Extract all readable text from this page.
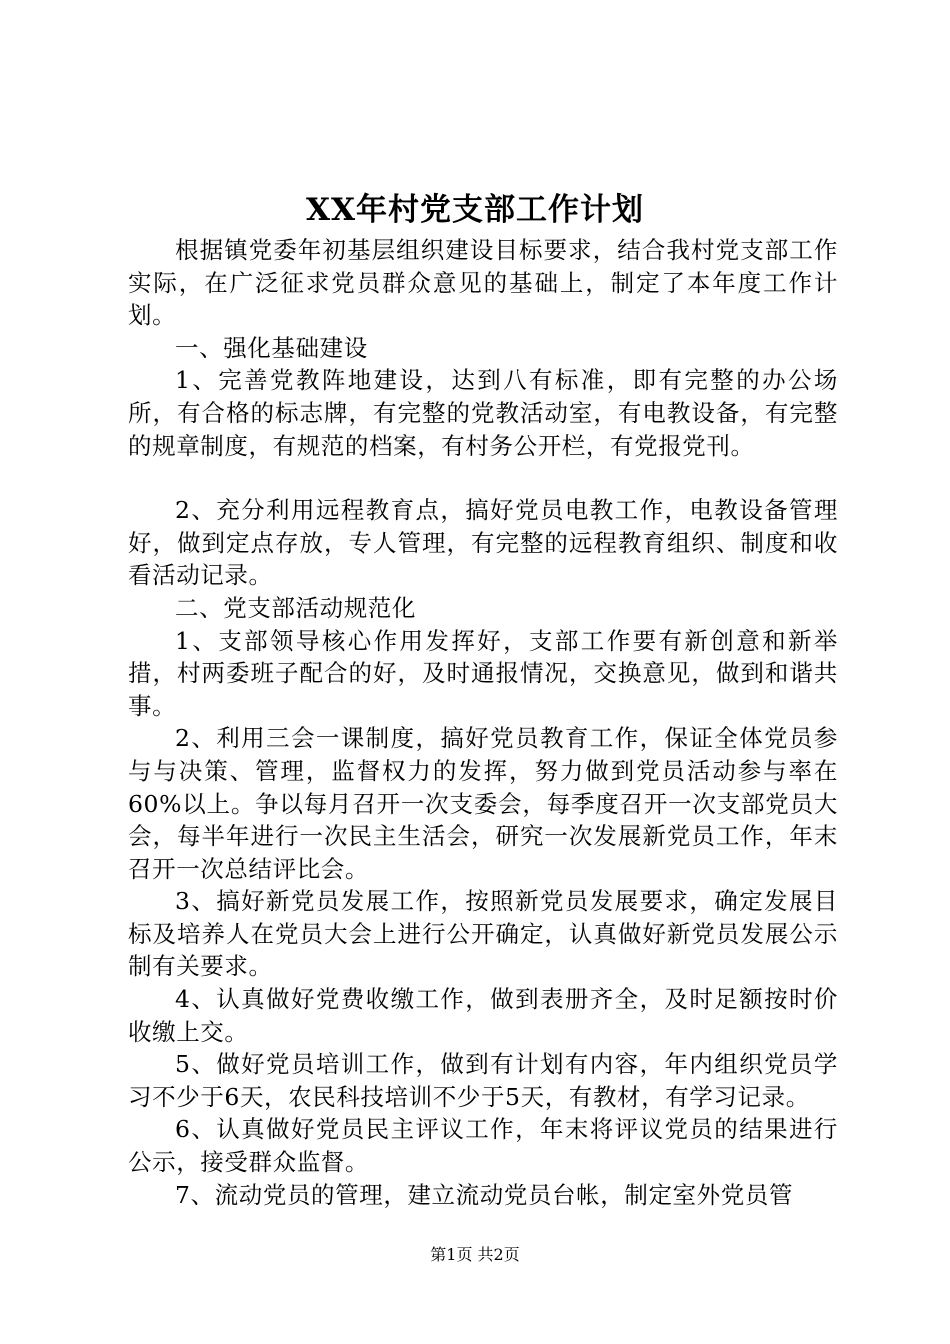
XX年村党支部工作计划

根据镇党委年初基层组织建设目标要求，结合我村党支部工作实际，在广泛征求党员群众意见的基础上，制定了本年度工作计划。

一、强化基础建设

1、完善党教阵地建设，达到八有标准，即有完整的办公场所，有合格的标志牌，有完整的党教活动室，有电教设备，有完整的规章制度，有规范的档案，有村务公开栏，有党报党刊。

2、充分利用远程教育点，搞好党员电教工作，电教设备管理好，做到定点存放，专人管理，有完整的远程教育组织、制度和收看活动记录。

二、党支部活动规范化

1、支部领导核心作用发挥好，支部工作要有新创意和新举措，村两委班子配合的好，及时通报情况，交换意见，做到和谐共事。

2、利用三会一课制度，搞好党员教育工作，保证全体党员参与与决策、管理，监督权力的发挥，努力做到党员活动参与率在60%以上。争以每月召开一次支委会，每季度召开一次支部党员大会，每半年进行一次民主生活会，研究一次发展新党员工作，年末召开一次总结评比会。

3、搞好新党员发展工作，按照新党员发展要求，确定发展目标及培养人在党员大会上进行公开确定，认真做好新党员发展公示制有关要求。

4、认真做好党费收缴工作，做到表册齐全，及时足额按时价收缴上交。

5、做好党员培训工作，做到有计划有内容，年内组织党员学习不少于6天，农民科技培训不少于5天，有教材，有学习记录。

6、认真做好党员民主评议工作，年末将评议党员的结果进行公示，接受群众监督。

7、流动党员的管理，建立流动党员台帐，制定室外党员管

第1页 共2页
